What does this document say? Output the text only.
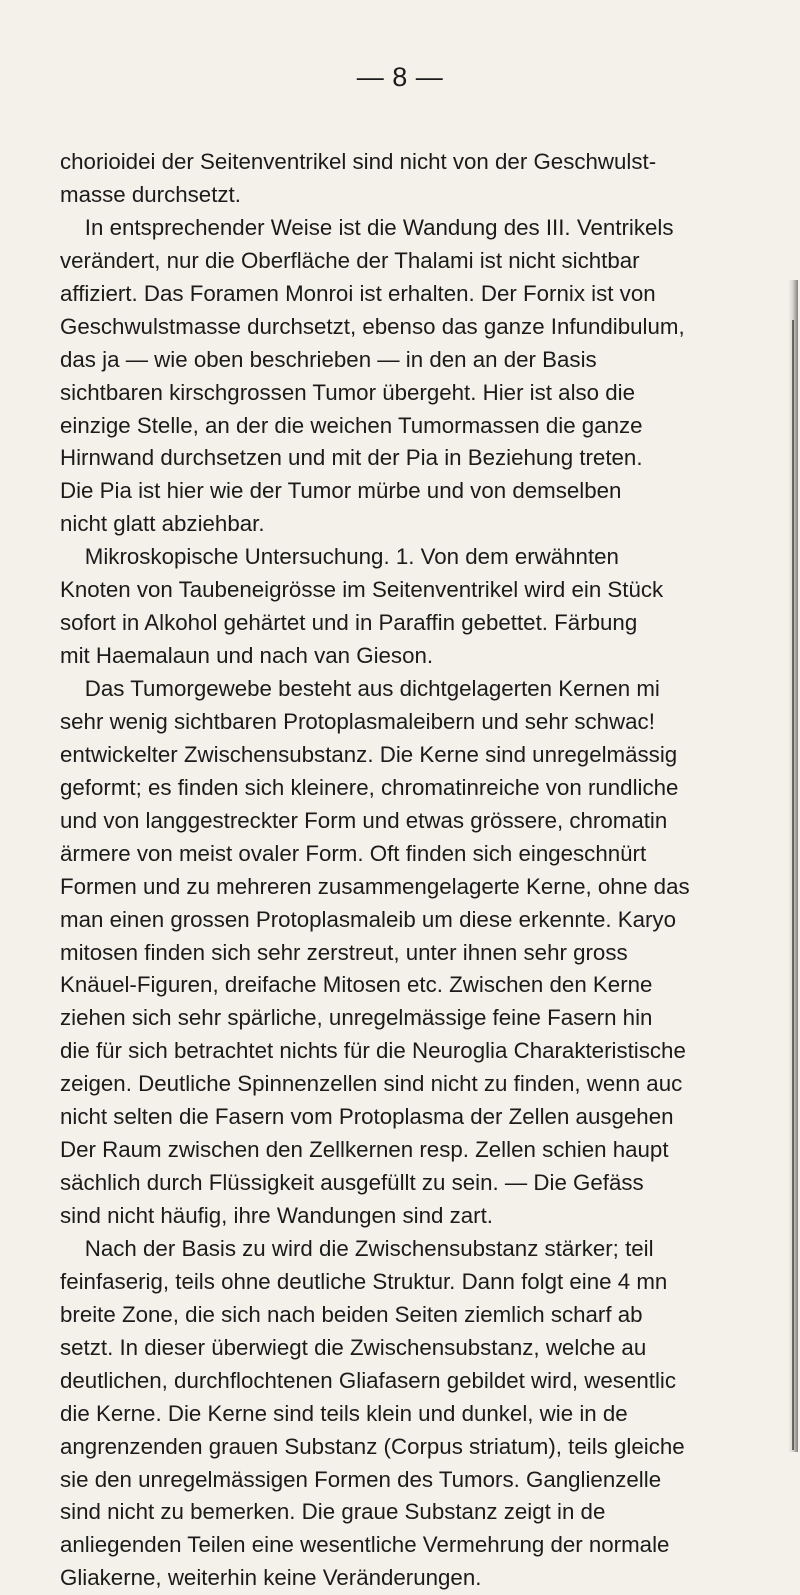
— 8 —
chorioidei der Seitenventrikel sind nicht von der Geschwulst-
masse durchsetzt.
In entsprechender Weise ist die Wandung des III. Ventrikels
verändert, nur die Oberfläche der Thalami ist nicht sichtbar
affiziert. Das Foramen Monroi ist erhalten. Der Fornix ist von
Geschwulstmasse durchsetzt, ebenso das ganze Infundibulum,
das ja — wie oben beschrieben — in den an der Basis
sichtbaren kirschgrossen Tumor übergeht. Hier ist also die
einzige Stelle, an der die weichen Tumormassen die ganze
Hirnwand durchsetzen und mit der Pia in Beziehung treten.
Die Pia ist hier wie der Tumor mürbe und von demselben
nicht glatt abziehbar.
Mikroskopische Untersuchung. 1. Von dem erwähnten
Knoten von Taubeneigrösse im Seitenventrikel wird ein Stück
sofort in Alkohol gehärtet und in Paraffin gebettet. Färbung
mit Haemalaun und nach van Gieson.
Das Tumorgewebe besteht aus dichtgelagerten Kernen mi
sehr wenig sichtbaren Protoplasmaleibern und sehr schwac!
entwickelter Zwischensubstanz. Die Kerne sind unregelmässig
geformt; es finden sich kleinere, chromatinreiche von rundliche
und von langgestreckter Form und etwas grössere, chromatin
ärmere von meist ovaler Form. Oft finden sich eingeschnürt
Formen und zu mehreren zusammengelagerte Kerne, ohne das
man einen grossen Protoplasmaleib um diese erkennte. Karyo
mitosen finden sich sehr zerstreut, unter ihnen sehr gross
Knäuel-Figuren, dreifache Mitosen etc. Zwischen den Kerne
ziehen sich sehr spärliche, unregelmässige feine Fasern hin
die für sich betrachtet nichts für die Neuroglia Charakteristische
zeigen. Deutliche Spinnenzellen sind nicht zu finden, wenn auc
nicht selten die Fasern vom Protoplasma der Zellen ausgehen
Der Raum zwischen den Zellkernen resp. Zellen schien haupt
sächlich durch Flüssigkeit ausgefüllt zu sein. — Die Gefäss
sind nicht häufig, ihre Wandungen sind zart.
Nach der Basis zu wird die Zwischensubstanz stärker; teil
feinfaserig, teils ohne deutliche Struktur. Dann folgt eine 4 mn
breite Zone, die sich nach beiden Seiten ziemlich scharf ab
setzt. In dieser überwiegt die Zwischensubstanz, welche au
deutlichen, durchflochtenen Gliafasern gebildet wird, wesentlic
die Kerne. Die Kerne sind teils klein und dunkel, wie in de
angrenzenden grauen Substanz (Corpus striatum), teils gleiche
sie den unregelmässigen Formen des Tumors. Ganglienzelle
sind nicht zu bemerken. Die graue Substanz zeigt in de
anliegenden Teilen eine wesentliche Vermehrung der normale
Gliakerne, weiterhin keine Veränderungen.
